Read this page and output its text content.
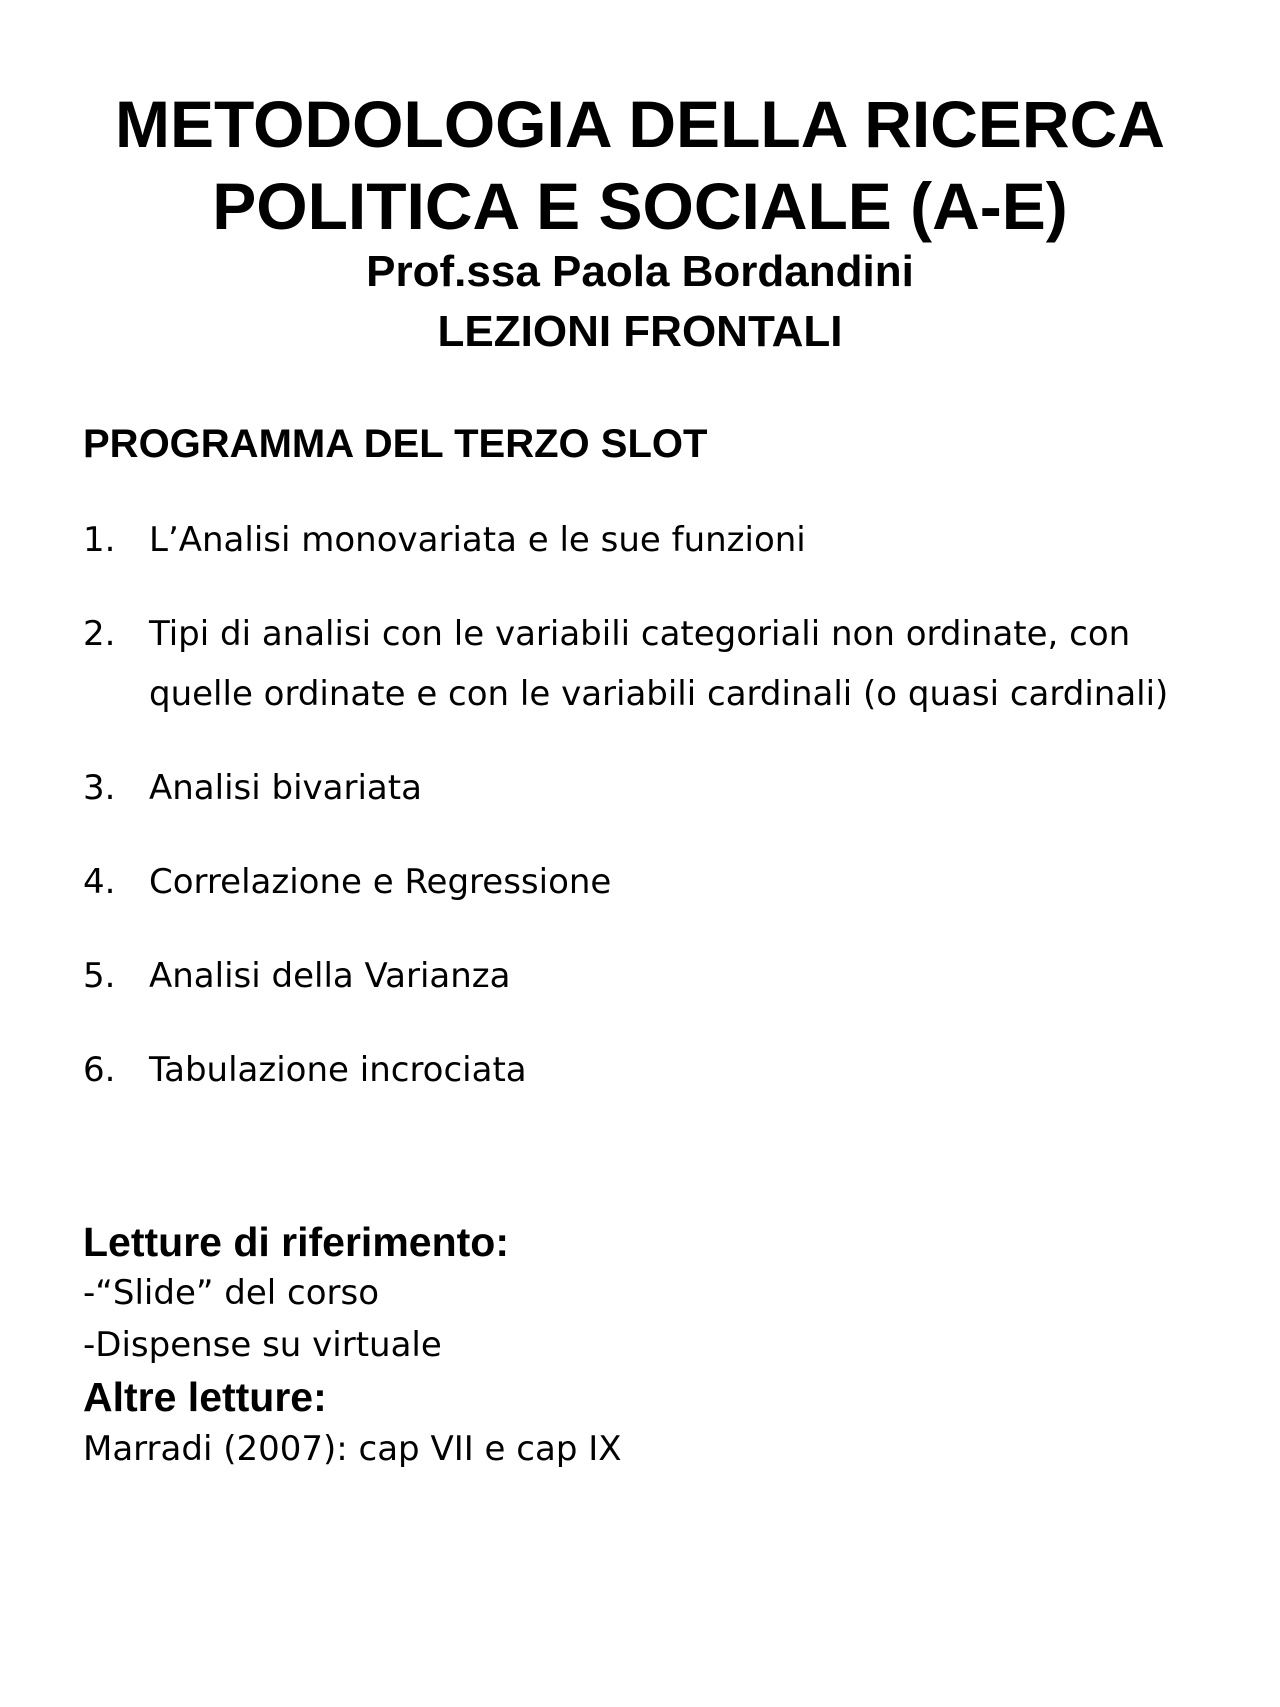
METODOLOGIA DELLA RICERCA
POLITICA E SOCIALE (A-E)
Prof.ssa Paola Bordandini
LEZIONI FRONTALI
PROGRAMMA DEL TERZO SLOT
1. L’Analisi monovariata e le sue funzioni
2. Tipi di analisi con le variabili categoriali non ordinate, con quelle ordinate e con le variabili cardinali (o quasi cardinali)
3. Analisi bivariata
4. Correlazione e Regressione
5. Analisi della Varianza
6. Tabulazione incrociata
Letture di riferimento:
-“Slide” del corso
-Dispense su virtuale
Altre letture:
Marradi (2007): cap VII e cap IX
